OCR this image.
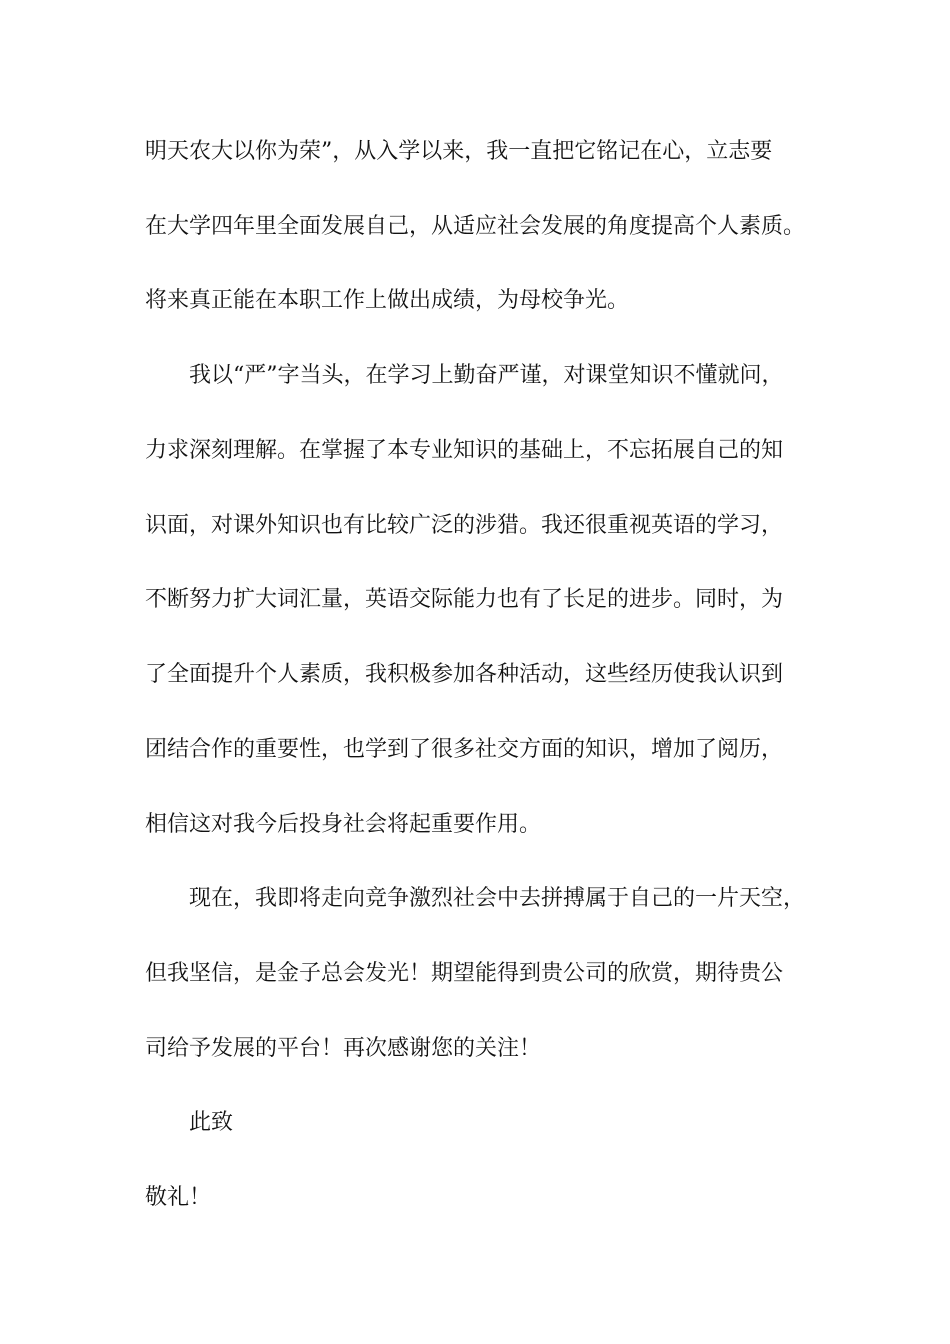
明天农大以你为荣”，从入学以来，我一直把它铭记在心，立志要
在大学四年里全面发展自己，从适应社会发展的角度提高个人素质。
将来真正能在本职工作上做出成绩，为母校争光。
我以“严”字当头，在学习上勤奋严谨，对课堂知识不懂就问，
力求深刻理解。在掌握了本专业知识的基础上，不忘拓展自己的知
识面，对课外知识也有比较广泛的涉猎。我还很重视英语的学习，
不断努力扩大词汇量，英语交际能力也有了长足的进步。同时，为
了全面提升个人素质，我积极参加各种活动，这些经历使我认识到
团结合作的重要性，也学到了很多社交方面的知识，增加了阅历，
相信这对我今后投身社会将起重要作用。
现在，我即将走向竞争激烈社会中去拼搏属于自己的一片天空，
但我坚信，是金子总会发光！期望能得到贵公司的欣赏，期待贵公
司给予发展的平台！再次感谢您的关注！
此致
敬礼！
